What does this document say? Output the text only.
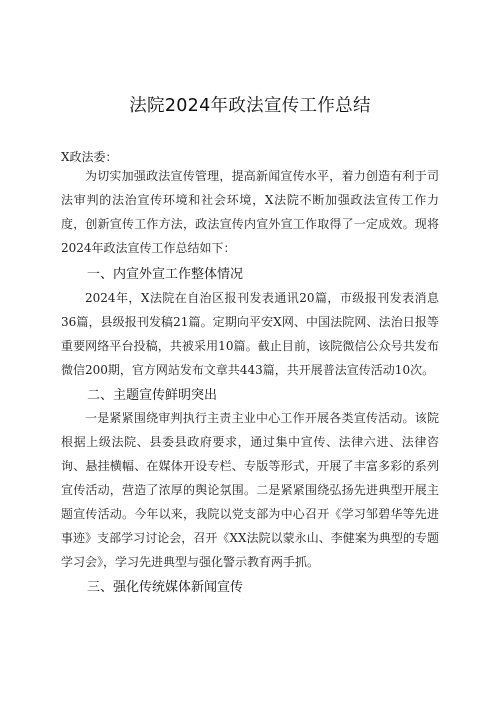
法院2024年政法宣传工作总结
X政法委：
为切实加强政法宣传管理，提高新闻宣传水平，着力创造有利于司法审判的法治宣传环境和社会环境，X法院不断加强政法宣传工作力度，创新宣传工作方法，政法宣传内宣外宣工作取得了一定成效。现将2024年政法宣传工作总结如下：
一、内宣外宣工作整体情况
2024年，X法院在自治区报刊发表通讯20篇，市级报刊发表消息36篇，县级报刊发稿21篇。定期向平安X网、中国法院网、法治日报等重要网络平台投稿，共被采用10篇。截止目前，该院微信公众号共发布微信200期，官方网站发布文章共443篇，共开展普法宣传活动10次。
二、主题宣传鲜明突出
一是紧紧围绕审判执行主责主业中心工作开展各类宣传活动。该院根据上级法院、县委县政府要求，通过集中宣传、法律六进、法律咨询、悬挂横幅、在媒体开设专栏、专版等形式，开展了丰富多彩的系列宣传活动，营造了浓厚的舆论氛围。二是紧紧围绕弘扬先进典型开展主题宣传活动。今年以来，我院以党支部为中心召开《学习邹碧华等先进事迹》支部学习讨论会，召开《XX法院以蒙永山、李健案为典型的专题学习会》，学习先进典型与强化警示教育两手抓。
三、强化传统媒体新闻宣传
